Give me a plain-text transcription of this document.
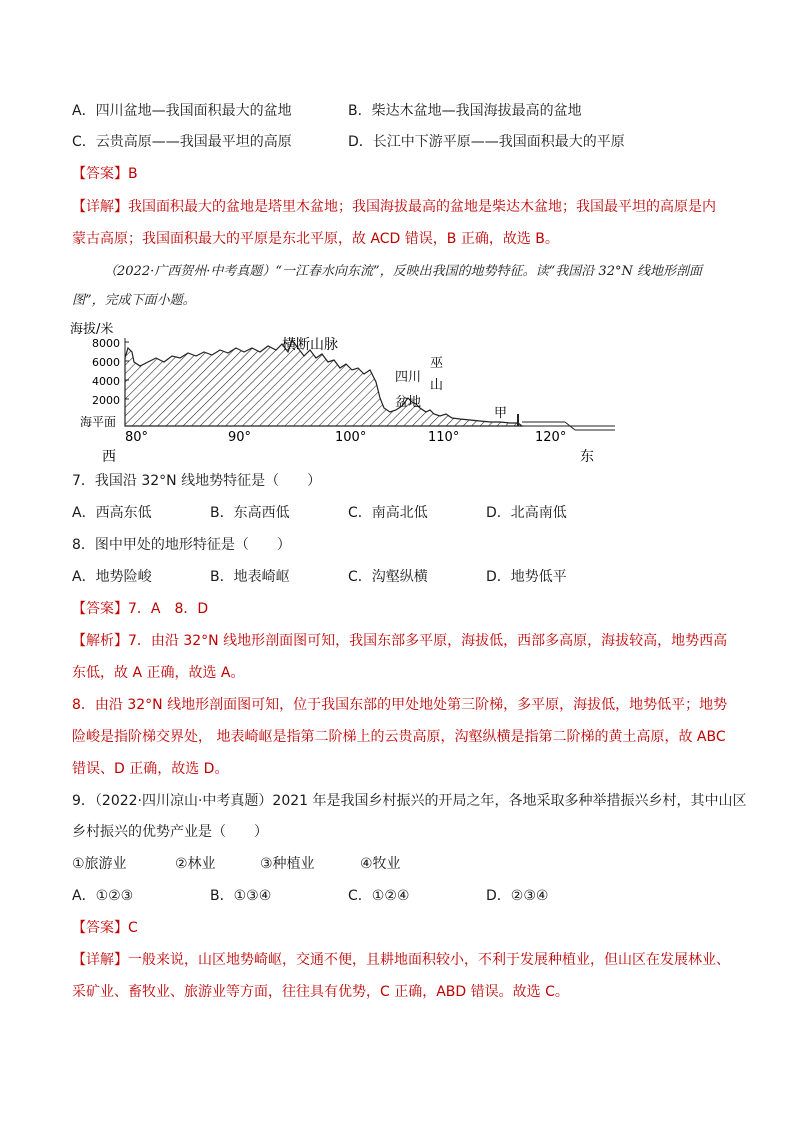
A．四川盆地—我国面积最大的盆地	B．柴达木盆地—我国海拔最高的盆地
C．云贵高原——我国最平坦的高原	D．长江中下游平原——我国面积最大的平原
【答案】B
【详解】我国面积最大的盆地是塔里木盆地；我国海拔最高的盆地是柴达木盆地；我国最平坦的高原是内
蒙古高原；我国面积最大的平原是东北平原，故 ACD 错误，B 正确，故选 B。
（2022·广西贺州·中考真题）“一江春水向东流”，反映出我国的地势特征。读“我国沿 32°N 线地形剖面
图”，完成下面小题。
海拔/米
8000
6000
4000
2000
海平面
80°	90°	100°	110°	120°
西	东
横断山脉
四川
盆地
巫
山
甲
7．我国沿 32°N 线地势特征是（　　）
A．西高东低	B．东高西低	C．南高北低	D．北高南低
8．图中甲处的地形特征是（　　）
A．地势险峻	B．地表崎岖	C．沟壑纵横	D．地势低平
【答案】7．A　8．D
【解析】7．由沿 32°N 线地形剖面图可知，我国东部多平原，海拔低，西部多高原，海拔较高，地势西高
东低，故 A 正确，故选 A。
8．由沿 32°N 线地形剖面图可知，位于我国东部的甲处地处第三阶梯，多平原，海拔低，地势低平；地势
险峻是指阶梯交界处， 地表崎岖是指第二阶梯上的云贵高原，沟壑纵横是指第二阶梯的黄土高原，故 ABC
错误、D 正确，故选 D。
9．（2022·四川凉山·中考真题）2021 年是我国乡村振兴的开局之年，各地采取多种举措振兴乡村，其中山区
乡村振兴的优势产业是（　　）
①旅游业	②林业	③种植业	④牧业
A．①②③	B．①③④	C．①②④	D．②③④
【答案】C
【详解】一般来说，山区地势崎岖，交通不便，且耕地面积较小，不利于发展种植业，但山区在发展林业、
采矿业、畜牧业、旅游业等方面，往往具有优势，C 正确，ABD 错误。故选 C。
